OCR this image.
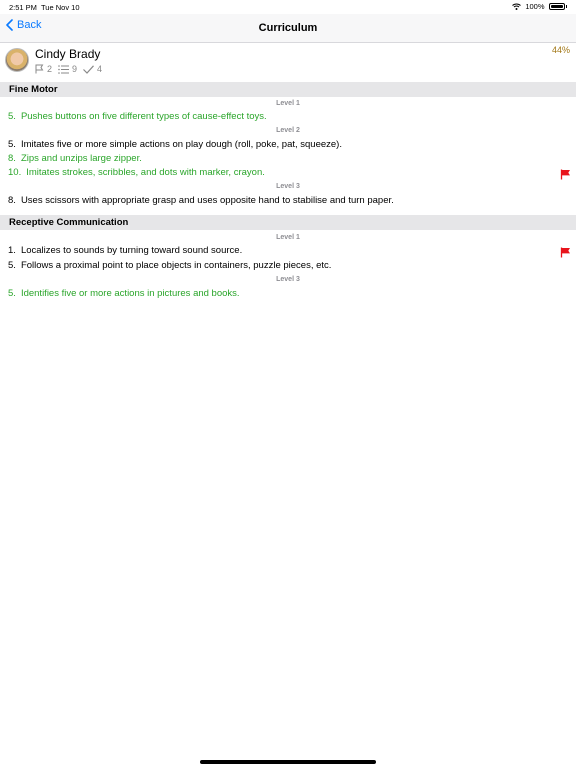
2:51 PM Tue Nov 10	100%
Back	Curriculum
Cindy Brady
2 9 4
44%
Fine Motor
Level 1
5. Pushes buttons on five different types of cause-effect toys.
Level 2
5. Imitates five or more simple actions on play dough (roll, poke, pat, squeeze).
8. Zips and unzips large zipper.
10. Imitates strokes, scribbles, and dots with marker, crayon.
Level 3
8. Uses scissors with appropriate grasp and uses opposite hand to stabilise and turn paper.
Receptive Communication
Level 1
1. Localizes to sounds by turning toward sound source.
5. Follows a proximal point to place objects in containers, puzzle pieces, etc.
Level 3
5. Identifies five or more actions in pictures and books.
